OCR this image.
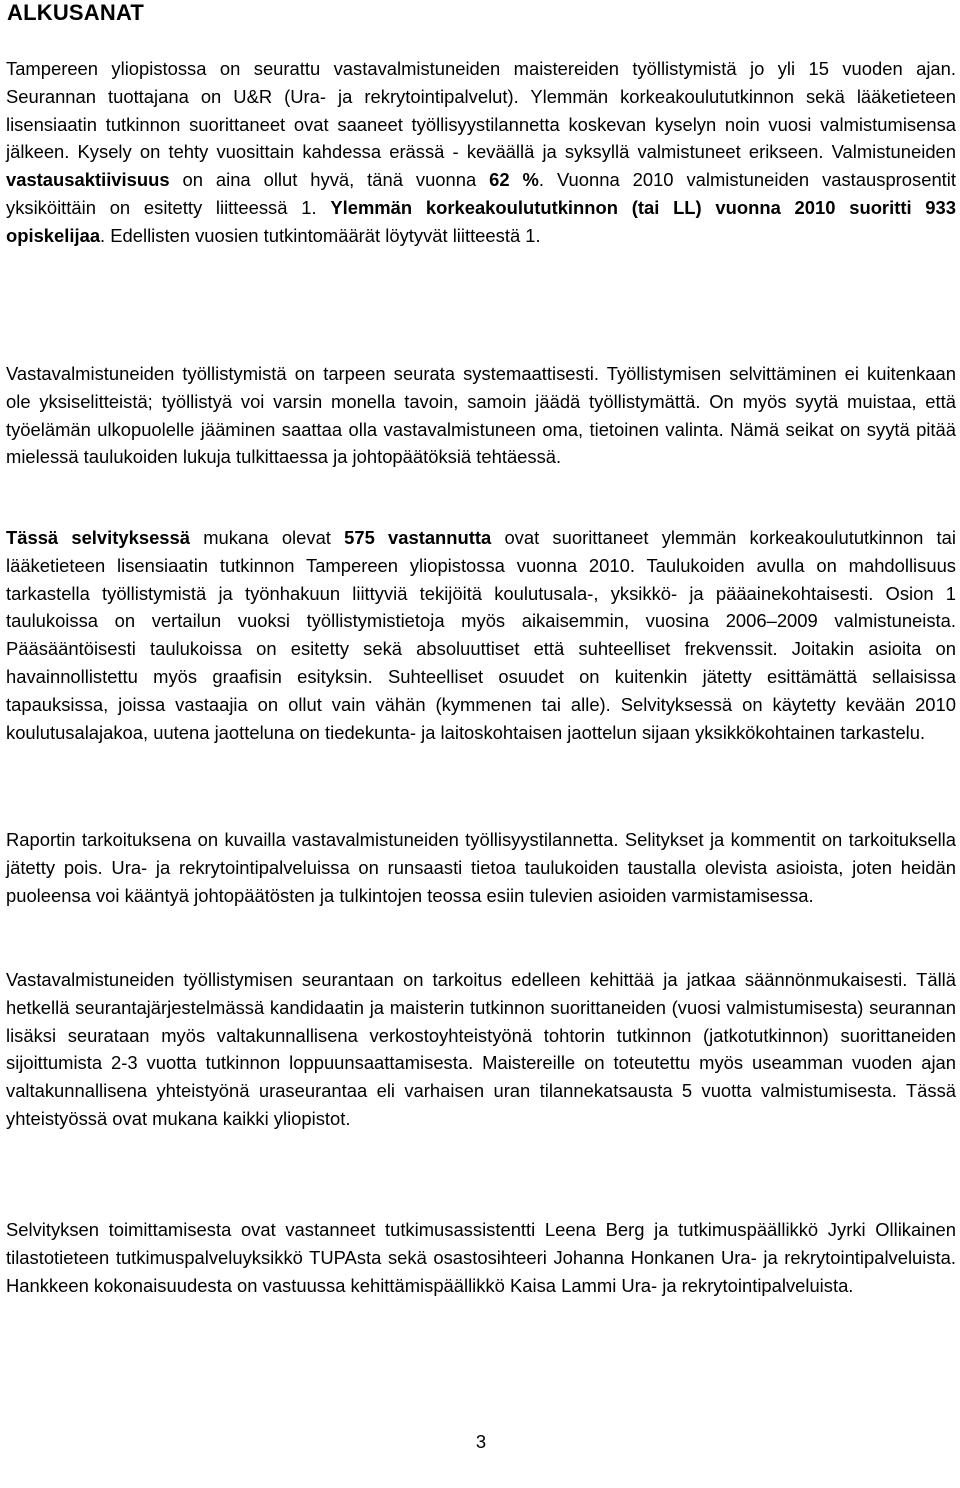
ALKUSANAT

Tampereen yliopistossa on seurattu vastavalmistuneiden maistereiden työllistymistä jo yli 15 vuoden ajan. Seurannan tuottajana on U&R (Ura- ja rekrytointipalvelut). Ylemmän korkeakoulututkinnon sekä lääketieteen lisensiaatin tutkinnon suorittaneet ovat saaneet työllisyystilannetta koskevan kyselyn noin vuosi valmistumisensa jälkeen. Kysely on tehty vuosittain kahdessa erässä - keväällä ja syksyllä valmistuneet erikseen. Valmistuneiden vastausaktiivisuus on aina ollut hyvä, tänä vuonna 62 %. Vuonna 2010 valmistuneiden vastausprosentit yksiköittäin on esitetty liitteessä 1. Ylemmän korkeakoulututkinnon (tai LL) vuonna 2010 suoritti 933 opiskelijaa. Edellisten vuosien tutkintomäärät löytyvät liitteestä 1.

Vastavalmistuneiden työllistymistä on tarpeen seurata systemaattisesti. Työllistymisen selvittäminen ei kuitenkaan ole yksiselitteistä; työllistyä voi varsin monella tavoin, samoin jäädä työllistymättä. On myös syytä muistaa, että työelämän ulkopuolelle jääminen saattaa olla vastavalmistuneen oma, tietoinen valinta. Nämä seikat on syytä pitää mielessä taulukoiden lukuja tulkittaessa ja johtopäätöksiä tehtäessä.

Tässä selvityksessä mukana olevat 575 vastannutta ovat suorittaneet ylemmän korkeakoulututkinnon tai lääketieteen lisensiaatin tutkinnon Tampereen yliopistossa vuonna 2010. Taulukoiden avulla on mahdollisuus tarkastella työllistymistä ja työnhakuun liittyviä tekijöitä koulutusala-, yksikkö- ja pääainekohtaisesti. Osion 1 taulukoissa on vertailun vuoksi työllistymistietoja myös aikaisemmin, vuosina 2006–2009 valmistuneista. Pääsääntöisesti taulukoissa on esitetty sekä absoluuttiset että suhteelliset frekvenssit. Joitakin asioita on havainnollistettu myös graafisin esityksin. Suhteelliset osuudet on kuitenkin jätetty esittämättä sellaisissa tapauksissa, joissa vastaajia on ollut vain vähän (kymmenen tai alle). Selvityksessä on käytetty kevään 2010 koulutusalajakoa, uutena jaotteluna on tiedekunta- ja laitoskohtaisen jaottelun sijaan yksikkökohtainen tarkastelu.

Raportin tarkoituksena on kuvailla vastavalmistuneiden työllisyystilannetta. Selitykset ja kommentit on tarkoituksella jätetty pois. Ura- ja rekrytointipalveluissa on runsaasti tietoa taulukoiden taustalla olevista asioista, joten heidän puoleensa voi kääntyä johtopäätösten ja tulkintojen teossa esiin tulevien asioiden varmistamisessa.

Vastavalmistuneiden työllistymisen seurantaan on tarkoitus edelleen kehittää ja jatkaa säännönmukaisesti. Tällä hetkellä seurantajärjestelmässä kandidaatin ja maisterin tutkinnon suorittaneiden (vuosi valmistumisesta) seurannan lisäksi seurataan myös valtakunnallisena verkostoyhteistyönä tohtorin tutkinnon (jatkotutkinnon) suorittaneiden sijoittumista 2-3 vuotta tutkinnon loppuunsaattamisesta. Maistereille on toteutettu myös useamman vuoden ajan valtakunnallisena yhteistyönä uraseurantaa eli varhaisen uran tilannekatsausta 5 vuotta valmistumisesta. Tässä yhteistyössä ovat mukana kaikki yliopistot.

Selvityksen toimittamisesta ovat vastanneet tutkimusassistentti Leena Berg ja tutkimuspäällikkö Jyrki Ollikainen tilastotieteen tutkimuspalveluyksikkö TUPAsta sekä osastosihteeri Johanna Honkanen Ura- ja rekrytointipalveluista. Hankkeen kokonaisuudesta on vastuussa kehittämispäällikkö Kaisa Lammi Ura- ja rekrytointipalveluista.

3
